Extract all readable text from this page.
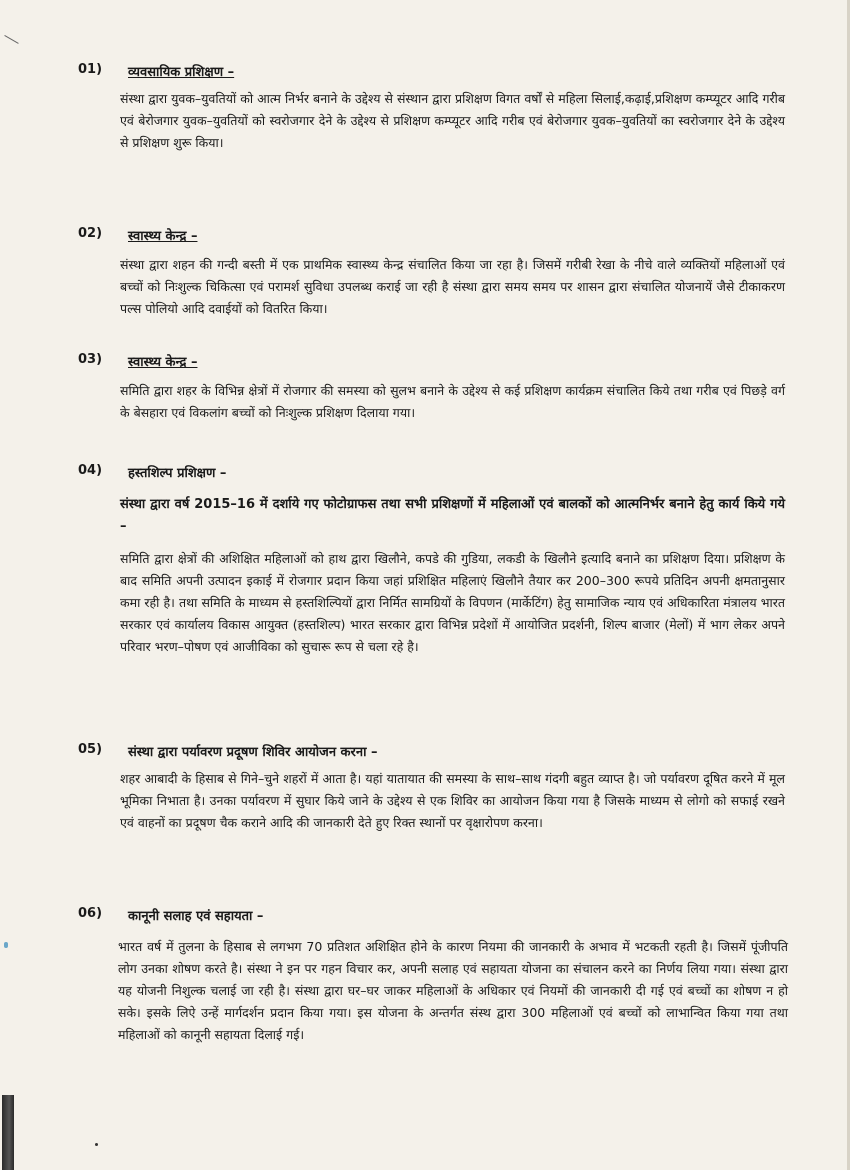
01) व्यवसायिक प्रशिक्षण –

संस्था द्वारा युवक–युवतियों को आत्म निर्भर बनाने के उद्देश्य से संस्थान द्वारा प्रशिक्षण विगत वर्षों से महिला सिलाई,कढ़ाई,प्रशिक्षण कम्प्यूटर आदि गरीब एवं बेरोजगार युवक–युवतियों को स्वरोजगार देने के उद्देश्य से प्रशिक्षण कम्प्यूटर आदि गरीब एवं बेरोजगार युवक–युवतियों का स्वरोजगार देने के उद्देश्य से प्रशिक्षण शुरू किया।

02) स्वास्थ्य केन्द्र –

संस्था द्वारा शहन की गन्दी बस्ती में एक प्राथमिक स्वास्थ्य केन्द्र संचालित किया जा रहा है। जिसमें गरीबी रेखा के नीचे वाले व्यक्तियों महिलाओं एवं बच्चों को निःशुल्क चिकित्सा एवं परामर्श सुविधा उपलब्ध कराई जा रही है संस्था द्वारा समय समय पर शासन द्वारा संचालित योजनायें जैसे टीकाकरण पल्स पोलियो आदि दवाईयों को वितरित किया।

03) स्वास्थ्य केन्द्र –

समिति द्वारा शहर के विभिन्न क्षेत्रों में रोजगार की समस्या को सुलभ बनाने के उद्देश्य से कई प्रशिक्षण कार्यक्रम संचालित किये तथा गरीब एवं पिछड़े वर्ग के बेसहारा एवं विकलांग बच्चों को निःशुल्क प्रशिक्षण दिलाया गया।

04) हस्तशिल्प प्रशिक्षण –

संस्था द्वारा वर्ष 2015–16 में दर्शाये गए फोटोग्राफस तथा सभी प्रशिक्षणों में महिलाओं एवं बालकों को आत्मनिर्भर बनाने हेतु कार्य किये गये –

समिति द्वारा क्षेत्रों की अशिक्षित महिलाओं को हाथ द्वारा खिलौने, कपडे की गुडिया, लकडी के खिलौने इत्यादि बनाने का प्रशिक्षण दिया। प्रशिक्षण के बाद समिति अपनी उत्पादन इकाई में रोजगार प्रदान किया जहां प्रशिक्षित महिलाएं खिलौने तैयार कर 200–300 रूपये प्रतिदिन अपनी क्षमतानुसार कमा रही है। तथा समिति के माध्यम से हस्तशिल्पियों द्वारा निर्मित सामग्रियों के विपणन (मार्केटिंग) हेतु सामाजिक न्याय एवं अधिकारिता मंत्रालय भारत सरकार एवं कार्यालय विकास आयुक्त (हस्तशिल्प) भारत सरकार द्वारा विभिन्न प्रदेशों में आयोजित प्रदर्शनी, शिल्प बाजार (मेलों) में भाग लेकर अपने परिवार भरण–पोषण एवं आजीविका को सुचारू रूप से चला रहे है।

05) संस्था द्वारा पर्यावरण प्रदूषण शिविर आयोजन करना –

शहर आबादी के हिसाब से गिने–चुने शहरों में आता है। यहां यातायात की समस्या के साथ–साथ गंदगी बहुत व्याप्त है। जो पर्यावरण दूषित करने में मूल भूमिका निभाता है। उनका पर्यावरण में सुघार किये जाने के उद्देश्य से एक शिविर का आयोजन किया गया है जिसके माध्यम से लोगो को सफाई रखने एवं वाहनों का प्रदूषण चैक कराने आदि की जानकारी देते हुए रिक्त स्थानों पर वृक्षारोपण करना।

06) कानूनी सलाह एवं सहायता –

भारत वर्ष में तुलना के हिसाब से लगभग 70 प्रतिशत अशिक्षित होने के कारण नियमा की जानकारी के अभाव में भटकती रहती है। जिसमें पूंजीपति लोग उनका शोषण करते है। संस्था ने इन पर गहन विचार कर, अपनी सलाह एवं सहायता योजना का संचालन करने का निर्णय लिया गया। संस्था द्वारा यह योजनी निशुल्क चलाई जा रही है। संस्था द्वारा घर–घर जाकर महिलाओं के अधिकार एवं नियमों की जानकारी दी गई एवं बच्चों का शोषण न हो सके। इसके लिऐ उन्हें मार्गदर्शन प्रदान किया गया। इस योजना के अन्तर्गत संस्थ द्वारा 300 महिलाओं एवं बच्चों को लाभान्वित किया गया तथा महिलाओं को कानूनी सहायता दिलाई गई।
